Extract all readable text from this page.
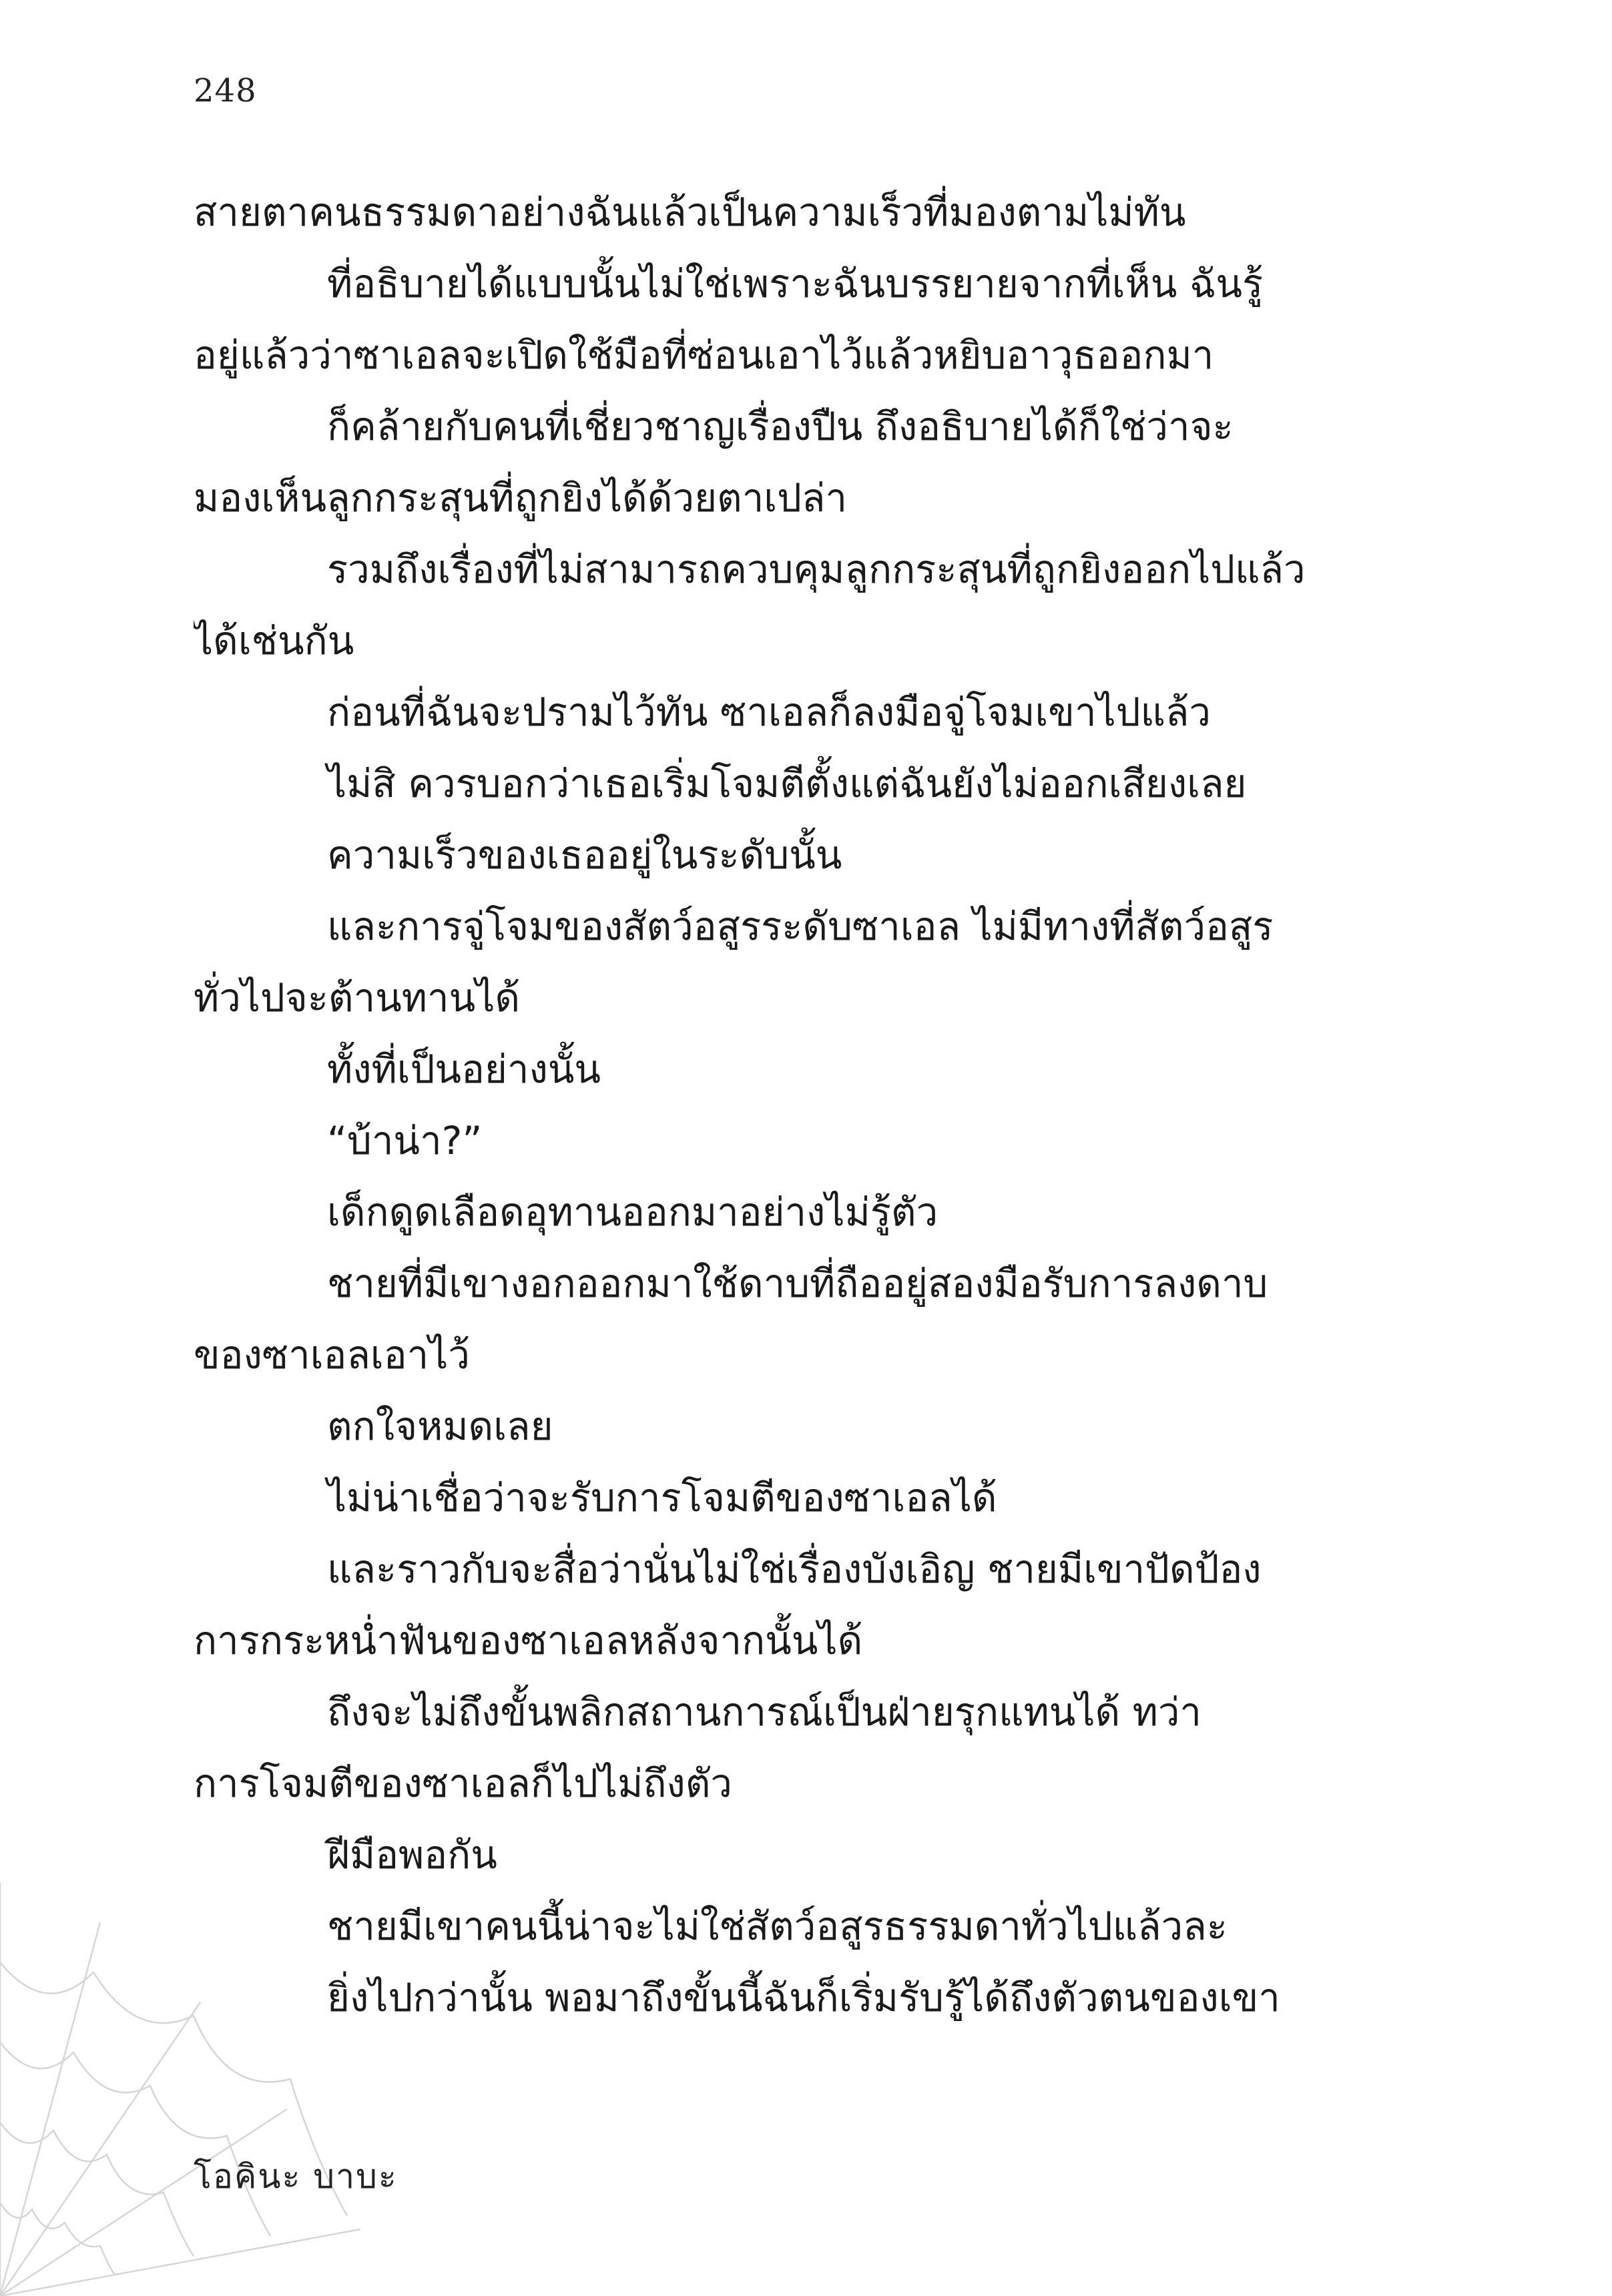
248
สายตาคนธรรมดาอย่างฉันแล้วเป็นความเร็วที่มองตามไม่ทัน
ที่อธิบายได้แบบนั้นไม่ใช่เพราะฉันบรรยายจากที่เห็น ฉันรู้
อยู่แล้วว่าซาเอลจะเปิดใช้มือที่ซ่อนเอาไว้แล้วหยิบอาวุธออกมา
ก็คล้ายกับคนที่เชี่ยวชาญเรื่องปืน ถึงอธิบายได้ก็ใช่ว่าจะ
มองเห็นลูกกระสุนที่ถูกยิงได้ด้วยตาเปล่า
รวมถึงเรื่องที่ไม่สามารถควบคุมลูกกระสุนที่ถูกยิงออกไปแล้ว
ได้เช่นกัน
ก่อนที่ฉันจะปรามไว้ทัน ซาเอลก็ลงมือจู่โจมเขาไปแล้ว
ไม่สิ ควรบอกว่าเธอเริ่มโจมตีตั้งแต่ฉันยังไม่ออกเสียงเลย
ความเร็วของเธออยู่ในระดับนั้น
และการจู่โจมของสัตว์อสูรระดับซาเอล ไม่มีทางที่สัตว์อสูร
ทั่วไปจะต้านทานได้
ทั้งที่เป็นอย่างนั้น
“บ้าน่า?”
เด็กดูดเลือดอุทานออกมาอย่างไม่รู้ตัว
ชายที่มีเขางอกออกมาใช้ดาบที่ถืออยู่สองมือรับการลงดาบ
ของซาเอลเอาไว้
ตกใจหมดเลย
ไม่น่าเชื่อว่าจะรับการโจมตีของซาเอลได้
และราวกับจะสื่อว่านั่นไม่ใช่เรื่องบังเอิญ ชายมีเขาปัดป้อง
การกระหน่ำฟันของซาเอลหลังจากนั้นได้
ถึงจะไม่ถึงขั้นพลิกสถานการณ์เป็นฝ่ายรุกแทนได้ ทว่า
การโจมตีของซาเอลก็ไปไม่ถึงตัว
ฝีมือพอกัน
ชายมีเขาคนนี้น่าจะไม่ใช่สัตว์อสูรธรรมดาทั่วไปแล้วละ
ยิ่งไปกว่านั้น พอมาถึงขั้นนี้ฉันก็เริ่มรับรู้ได้ถึงตัวตนของเขา
โอคินะ บาบะ
